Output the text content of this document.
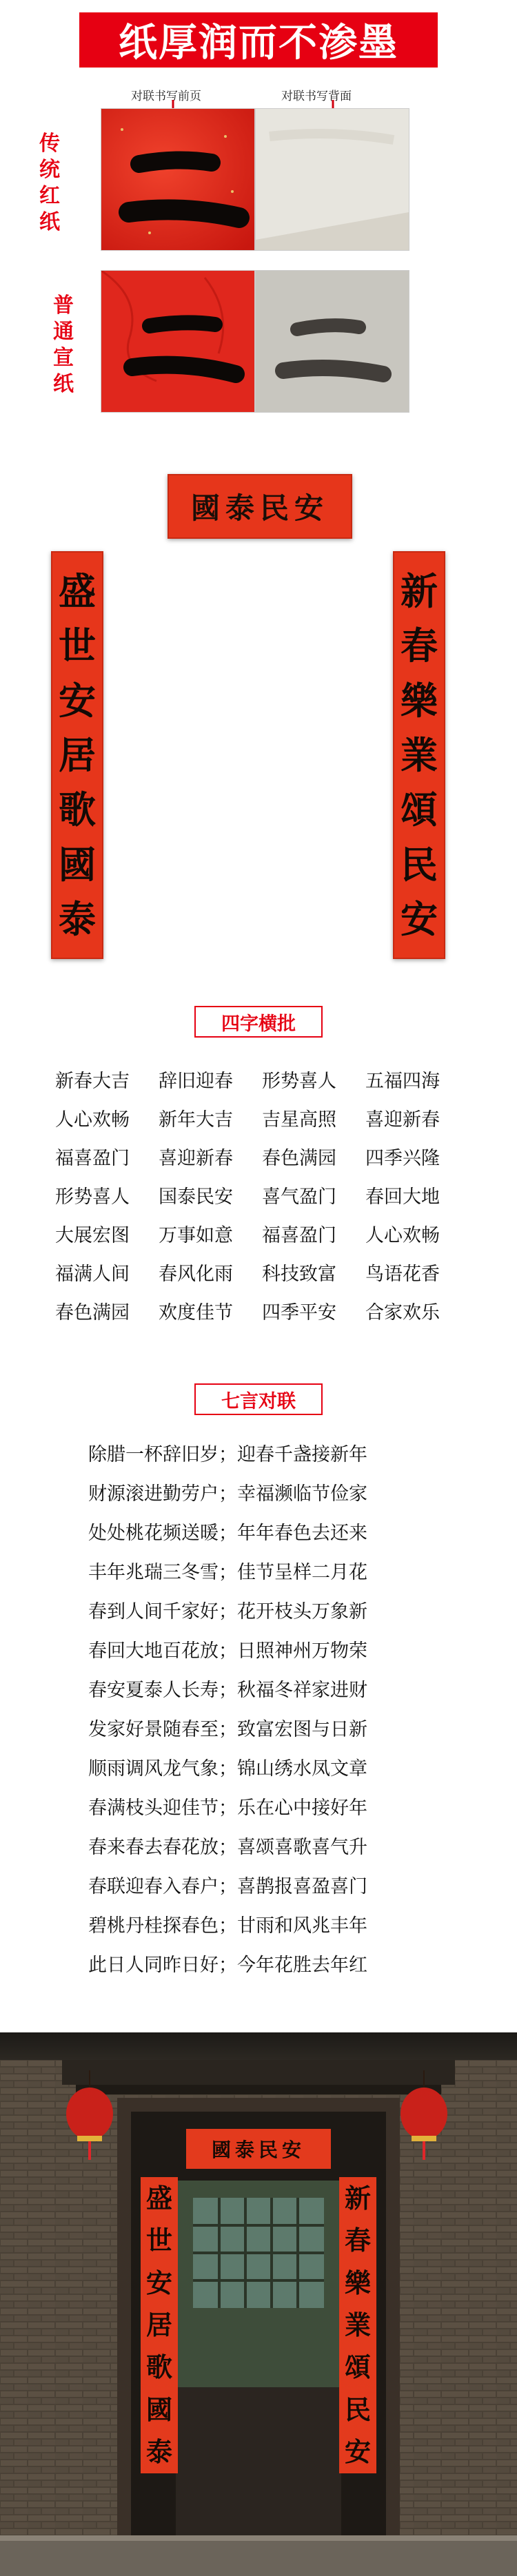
纸厚润而不渗墨
传统红纸
普通宣纸
对联书写前页	对联书写背面
國泰民安
盛
世
安
居
歌
國
泰
新
春
樂
業
頌
民
安
四字横批
新春大吉	辞旧迎春	形势喜人	五福四海
人心欢畅	新年大吉	吉星高照	喜迎新春
福喜盈门	喜迎新春	春色满园	四季兴隆
形势喜人	国泰民安	喜气盈门	春回大地
大展宏图	万事如意	福喜盈门	人心欢畅
福满人间	春风化雨	科技致富	鸟语花香
春色满园	欢度佳节	四季平安	合家欢乐
七言对联
除腊一杯辞旧岁；迎春千盏接新年
财源滚进勤劳户；幸福濒临节俭家
处处桃花频送暖；年年春色去还来
丰年兆瑞三冬雪；佳节呈样二月花
春到人间千家好；花开枝头万象新
春回大地百花放；日照神州万物荣
春安夏泰人长寿；秋福冬祥家进财
发家好景随春至；致富宏图与日新
顺雨调风龙气象；锦山绣水凤文章
春满枝头迎佳节；乐在心中接好年
春来春去春花放；喜颂喜歌喜气升
春联迎春入春户；喜鹊报喜盈喜门
碧桃丹桂探春色；甘雨和风兆丰年
此日人同昨日好；今年花胜去年红
國泰民安
盛
世
安
居
歌
國
泰
新
春
樂
業
頌
民
安
